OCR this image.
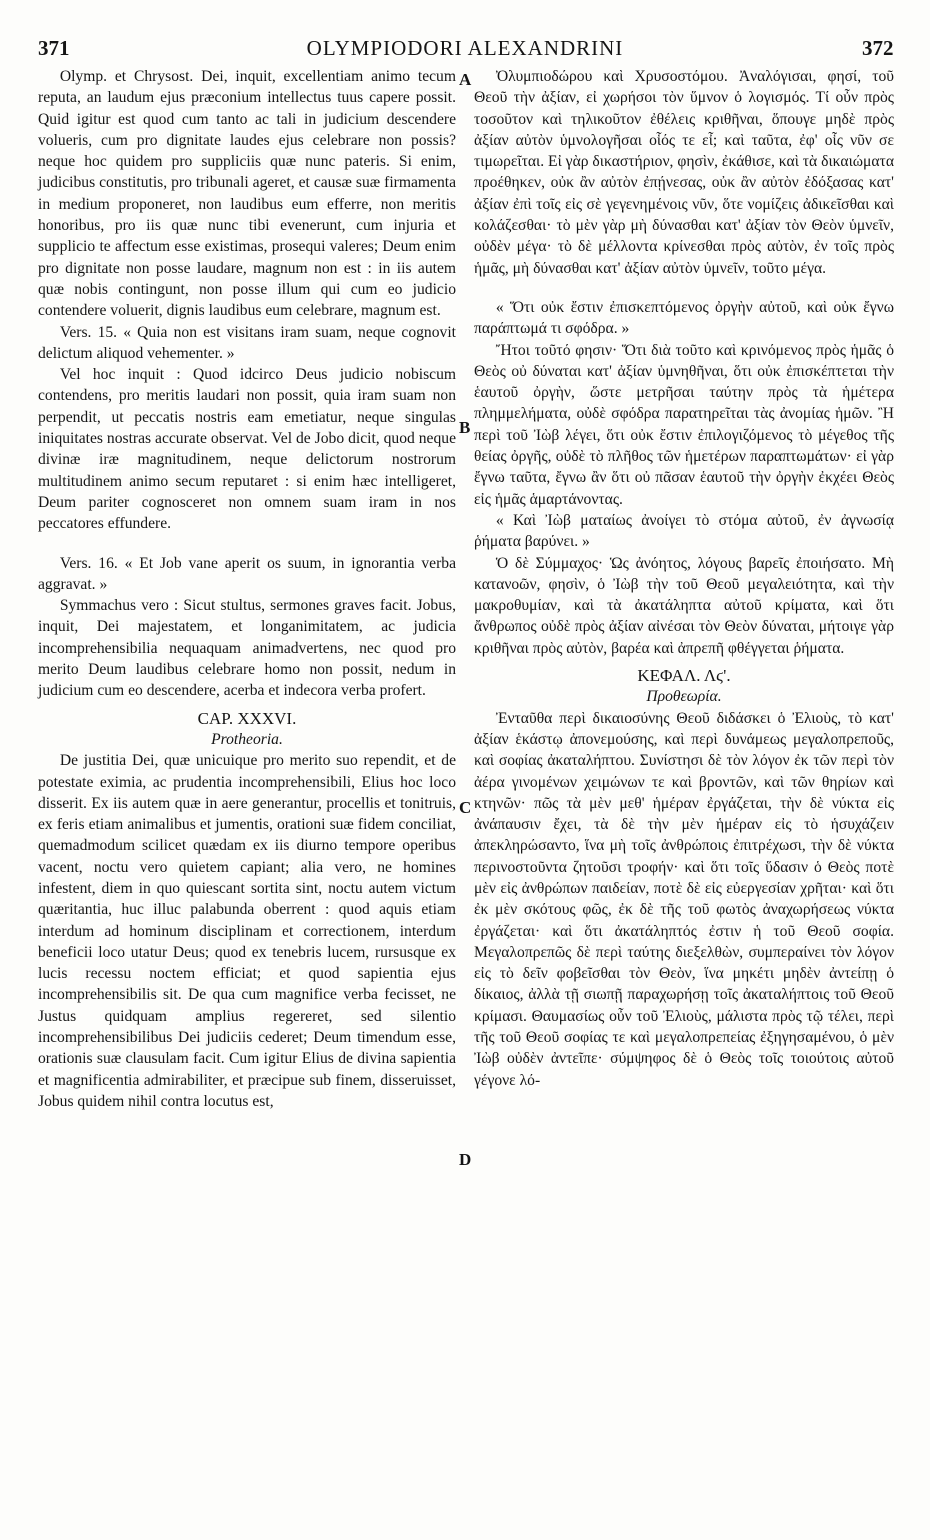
371	OLYMPIODORI ALEXANDRINI	372

Olymp. et Chrysost. Dei, inquit, excellentiam animo tecum reputa, an laudum ejus præconium intellectus tuus capere possit. Quid igitur est quod cum tanto ac tali in judicium descendere volueris, cum pro dignitate laudes ejus celebrare non possis? neque hoc quidem pro suppliciis quæ nunc pateris. Si enim, judicibus constitutis, pro tribunali ageret, et causæ suæ firmamenta in medium proponeret, non laudibus eum efferre, non meritis honoribus, pro iis quæ nunc tibi evenerunt, cum injuria et supplicio te affectum esse existimas, prosequi valeres; Deum enim pro dignitate non posse laudare, magnum non est : in iis autem quæ nobis contingunt, non posse illum qui cum eo judicio contendere voluerit, dignis laudibus eum celebrare, magnum est.

Vers. 15. « Quia non est visitans iram suam, neque cognovit delictum aliquod vehementer. »

Vel hoc inquit : Quod idcirco Deus judicio nobiscum contendens, pro meritis laudari non possit, quia iram suam non perpendit, ut peccatis nostris eam emetiatur, neque singulas iniquitates nostras accurate observat. Vel de Jobo dicit, quod neque divinæ iræ magnitudinem, neque delictorum nostrorum multitudinem animo secum reputaret : si enim hæc intelligeret, Deum pariter cognosceret non omnem suam iram in nos peccatores effundere.

Vers. 16. « Et Job vane aperit os suum, in ignorantia verba aggravat. »

Symmachus vero : Sicut stultus, sermones graves facit. Jobus, inquit, Dei majestatem, et longanimitatem, ac judicia incomprehensibilia nequaquam animadvertens, nec quod pro merito Deum laudibus celebrare homo non possit, nedum in judicium cum eo descendere, acerba et indecora verba profert.

CAP. XXXVI.

Protheoria.

De justitia Dei, quæ unicuique pro merito suo rependit, et de potestate eximia, ac prudentia incomprehensibili, Elius hoc loco disserit. Ex iis autem quæ in aere generantur, procellis et tonitruis, ex feris etiam animalibus et jumentis, orationi suæ fidem conciliat, quemadmodum scilicet quædam ex iis diurno tempore operibus vacent, noctu vero quietem capiant; alia vero, ne homines infestent, diem in quo quiescant sortita sint, noctu autem victum quæritantia, huc illuc palabunda oberrent : quod aquis etiam interdum ad hominum disciplinam et correctionem, interdum beneficii loco utatur Deus; quod ex tenebris lucem, rursusque ex lucis recessu noctem efficiat; et quod sapientia ejus incomprehensibilis sit. De qua cum magnifice verba fecisset, ne Justus quidquam amplius regereret, sed silentio incomprehensibilibus Dei judiciis cederet; Deum timendum esse, orationis suæ clausulam facit. Cum igitur Elius de divina sapientia et magnificentia admirabiliter, et præcipue sub finem, disseruisset, Jobus quidem nihil contra locutus est,

Ὀλυμπιοδώρου καὶ Χρυσοστόμου. Ἀναλόγισαι, φησί, τοῦ Θεοῦ τὴν ἀξίαν, εἰ χωρήσοι τὸν ὕμνον ὁ λογισμός. Τί οὖν πρὸς τοσοῦτον καὶ τηλικοῦτον ἐθέλεις κριθῆναι, ὅπουγε μηδὲ πρὸς ἀξίαν αὐτὸν ὑμνολογῆσαι οἷός τε εἶ; καὶ ταῦτα, ἐφ' οἷς νῦν σε τιμωρεῖται. Εἰ γὰρ δικαστήριον, φησὶν, ἐκάθισε, καὶ τὰ δικαιώματα προέθηκεν, οὐκ ἂν αὐτὸν ἐπῄνεσας, οὐκ ἂν αὐτὸν ἐδόξασας κατ' ἀξίαν ἐπὶ τοῖς εἰς σὲ γεγενημένοις νῦν, ὅτε νομίζεις ἀδικεῖσθαι καὶ κολάζεσθαι· τὸ μὲν γὰρ μὴ δύνασθαι κατ' ἀξίαν τὸν Θεὸν ὑμνεῖν, οὐδὲν μέγα· τὸ δὲ μέλλοντα κρίνεσθαι πρὸς αὐτὸν, ἐν τοῖς πρὸς ἡμᾶς, μὴ δύνασθαι κατ' ἀξίαν αὐτὸν ὑμνεῖν, τοῦτο μέγα.

« Ὅτι οὐκ ἔστιν ἐπισκεπτόμενος ὀργὴν αὐτοῦ, καὶ οὐκ ἔγνω παράπτωμά τι σφόδρα. »

Ἤτοι τοῦτό φησιν· Ὅτι διὰ τοῦτο καὶ κρινόμενος πρὸς ἡμᾶς ὁ Θεὸς οὐ δύναται κατ' ἀξίαν ὑμνηθῆναι, ὅτι οὐκ ἐπισκέπτεται τὴν ἑαυτοῦ ὀργὴν, ὥστε μετρῆσαι ταύτην πρὸς τὰ ἡμέτερα πλημμελήματα, οὐδὲ σφόδρα παρατηρεῖται τὰς ἀνομίας ἡμῶν. Ἢ περὶ τοῦ Ἰὼβ λέγει, ὅτι οὐκ ἔστιν ἐπιλογιζόμενος τὸ μέγεθος τῆς θείας ὀργῆς, οὐδὲ τὸ πλῆθος τῶν ἡμετέρων παραπτωμάτων· εἰ γὰρ ἔγνω ταῦτα, ἔγνω ἂν ὅτι οὐ πᾶσαν ἑαυτοῦ τὴν ὀργὴν ἐκχέει Θεὸς εἰς ἡμᾶς ἁμαρτάνοντας.

« Καὶ Ἰὼβ ματαίως ἀνοίγει τὸ στόμα αὐτοῦ, ἐν ἀγνωσίᾳ ῥήματα βαρύνει. »

Ὁ δὲ Σύμμαχος· Ὡς ἀνόητος, λόγους βαρεῖς ἐποιήσατο. Μὴ κατανοῶν, φησὶν, ὁ Ἰὼβ τὴν τοῦ Θεοῦ μεγαλειότητα, καὶ τὴν μακροθυμίαν, καὶ τὰ ἀκατάληπτα αὐτοῦ κρίματα, καὶ ὅτι ἄνθρωπος οὐδὲ πρὸς ἀξίαν αἰνέσαι τὸν Θεὸν δύναται, μήτοιγε γὰρ κριθῆναι πρὸς αὐτὸν, βαρέα καὶ ἀπρεπῆ φθέγγεται ῥήματα.

ΚΕΦΑΛ. Λϛ'.

Προθεωρία.

Ἐνταῦθα περὶ δικαιοσύνης Θεοῦ διδάσκει ὁ Ἐλιοὺς, τὸ κατ' ἀξίαν ἑκάστῳ ἀπονεμούσης, καὶ περὶ δυνάμεως μεγαλοπρεποῦς, καὶ σοφίας ἀκαταλήπτου. Συνίστησι δὲ τὸν λόγον ἐκ τῶν περὶ τὸν ἀέρα γινομένων χειμώνων τε καὶ βροντῶν, καὶ τῶν θηρίων καὶ κτηνῶν· πῶς τὰ μὲν μεθ' ἡμέραν ἐργάζεται, τὴν δὲ νύκτα εἰς ἀνάπαυσιν ἔχει, τὰ δὲ τὴν μὲν ἡμέραν εἰς τὸ ἡσυχάζειν ἀπεκληρώσαντο, ἵνα μὴ τοῖς ἀνθρώποις ἐπιτρέχωσι, τὴν δὲ νύκτα περινοστοῦντα ζητοῦσι τροφήν· καὶ ὅτι τοῖς ὕδασιν ὁ Θεὸς ποτὲ μὲν εἰς ἀνθρώπων παιδείαν, ποτὲ δὲ εἰς εὐεργεσίαν χρῆται· καὶ ὅτι ἐκ μὲν σκότους φῶς, ἐκ δὲ τῆς τοῦ φωτὸς ἀναχωρήσεως νύκτα ἐργάζεται· καὶ ὅτι ἀκατάληπτός ἐστιν ἡ τοῦ Θεοῦ σοφία. Μεγαλοπρεπῶς δὲ περὶ ταύτης διεξελθὼν, συμπεραίνει τὸν λόγον εἰς τὸ δεῖν φοβεῖσθαι τὸν Θεὸν, ἵνα μηκέτι μηδὲν ἀντείπῃ ὁ δίκαιος, ἀλλὰ τῇ σιωπῇ παραχωρήσῃ τοῖς ἀκαταλήπτοις τοῦ Θεοῦ κρίμασι. Θαυμασίως οὖν τοῦ Ἐλιοὺς, μάλιστα πρὸς τῷ τέλει, περὶ τῆς τοῦ Θεοῦ σοφίας τε καὶ μεγαλοπρεπείας ἐξηγησαμένου, ὁ μὲν Ἰὼβ οὐδὲν ἀντεῖπε· σύμψηφος δὲ ὁ Θεὸς τοῖς τοιούτοις αὐτοῦ γέγονε λό-

A
B
C
D
